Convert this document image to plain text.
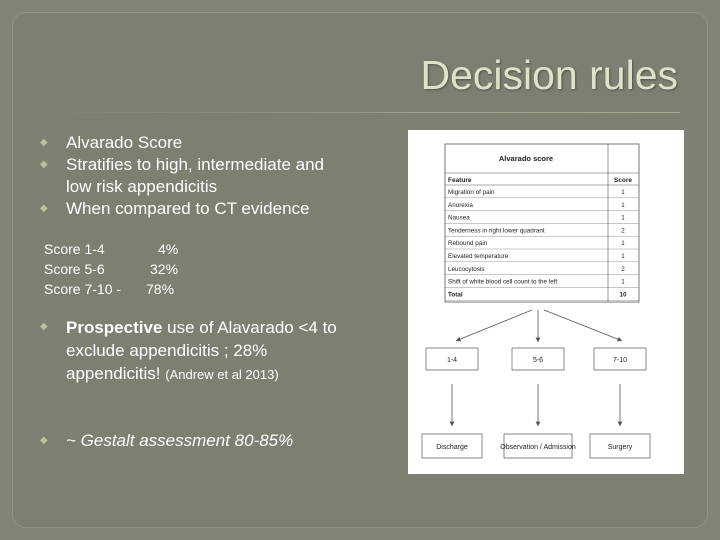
Decision rules
◆ Alvarado Score
◆ Stratifies to high, intermediate and low risk appendicitis
◆ When compared to CT evidence
Score 1-4	4%
Score 5-6	32%
Score 7-10 - 78%
◆ Prospective use of Alavarado <4 to exclude appendicitis ; 28% appendicitis! (Andrew et al 2013)
◆ ~ Gestalt assessment 80-85%
Alvarado score
Feature	Score
Migration of pain	1
Anorexia	1
Nausea	1
Tenderness in right lower quadrant	2
Rebound pain	1
Elevated temperature	1
Leucocytosis	2
Shift of white blood cell count to the left	1
Total	10
1-4	5-6	7-10
Discharge	Observation / Admission	Surgery
